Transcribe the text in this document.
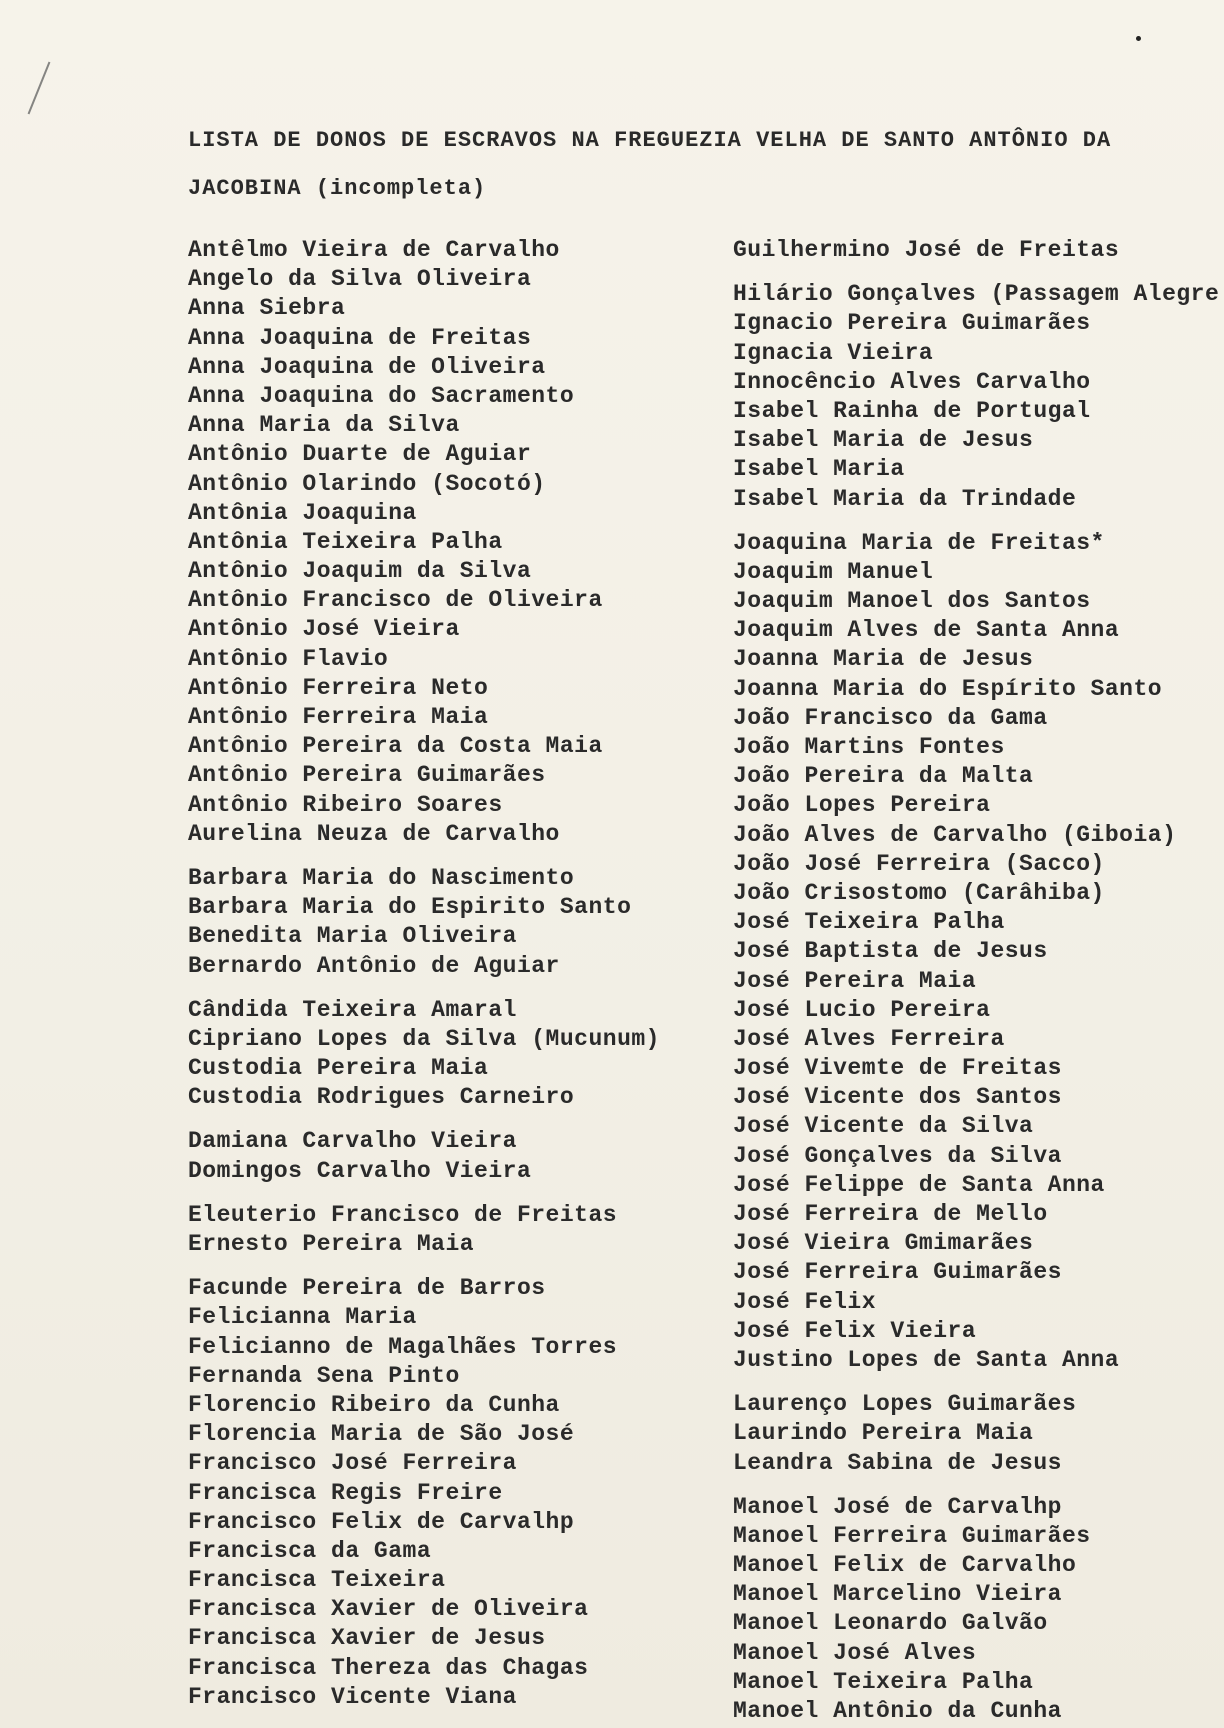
LISTA DE DONOS DE ESCRAVOS NA FREGUEZIA VELHA DE SANTO ANTÔNIO DA
JACOBINA (incompleta)
Antêlmo Vieira de Carvalho
Angelo da Silva Oliveira
Anna Siebra
Anna Joaquina de Freitas
Anna Joaquina de Oliveira
Anna Joaquina do Sacramento
Anna Maria da Silva
Antônio Duarte de Aguiar
Antônio Olarindo (Socotó)
Antônia Joaquina
Antônia Teixeira Palha
Antônio Joaquim da Silva
Antônio Francisco de Oliveira
Antônio José Vieira
Antônio Flavio
Antônio Ferreira Neto
Antônio Ferreira Maia
Antônio Pereira da Costa Maia
Antônio Pereira Guimarães
Antônio Ribeiro Soares
Aurelina Neuza de Carvalho
Barbara Maria do Nascimento
Barbara Maria do Espirito Santo
Benedita Maria Oliveira
Bernardo Antônio de Aguiar
Cândida Teixeira Amaral
Cipriano Lopes da Silva (Mucunum)
Custodia Pereira Maia
Custodia Rodrigues Carneiro
Damiana Carvalho Vieira
Domingos Carvalho Vieira
Eleuterio Francisco de Freitas
Ernesto Pereira Maia
Facunde Pereira de Barros
Felicianna Maria
Felicianno de Magalhães Torres
Fernanda Sena Pinto
Florencio Ribeiro da Cunha
Florencia Maria de São José
Francisco José Ferreira
Francisca Regis Freire
Francisco Felix de Carvalhp
Francisca da Gama
Francisca Teixeira
Francisca Xavier de Oliveira
Francisca Xavier de Jesus
Francisca Thereza das Chagas
Francisco Vicente Viana
Guilhermino José de Freitas
Hilário Gonçalves (Passagem Alegre
Ignacio Pereira Guimarães
Ignacia Vieira
Innocêncio Alves Carvalho
Isabel Rainha de Portugal
Isabel Maria de Jesus
Isabel Maria
Isabel Maria da Trindade
Joaquina Maria de Freitas*
Joaquim Manuel
Joaquim Manoel dos Santos
Joaquim Alves de Santa Anna
Joanna Maria de Jesus
Joanna Maria do Espírito Santo
João Francisco da Gama
João Martins Fontes
João Pereira da Malta
João Lopes Pereira
João Alves de Carvalho (Giboia)
João José Ferreira (Sacco)
João Crisostomo (Carâhiba)
José Teixeira Palha
José Baptista de Jesus
José Pereira Maia
José Lucio Pereira
José Alves Ferreira
José Vivemte de Freitas
José Vicente dos Santos
José Vicente da Silva
José Gonçalves da Silva
José Felippe de Santa Anna
José Ferreira de Mello
José Vieira Gmimarães
José Ferreira Guimarães
José Felix
José Felix Vieira
Justino Lopes de Santa Anna
Laurenço Lopes Guimarães
Laurindo Pereira Maia
Leandra Sabina de Jesus
Manoel José de Carvalhp
Manoel Ferreira Guimarães
Manoel Felix de Carvalho
Manoel Marcelino Vieira
Manoel Leonardo Galvão
Manoel José Alves
Manoel Teixeira Palha
Manoel Antônio da Cunha
